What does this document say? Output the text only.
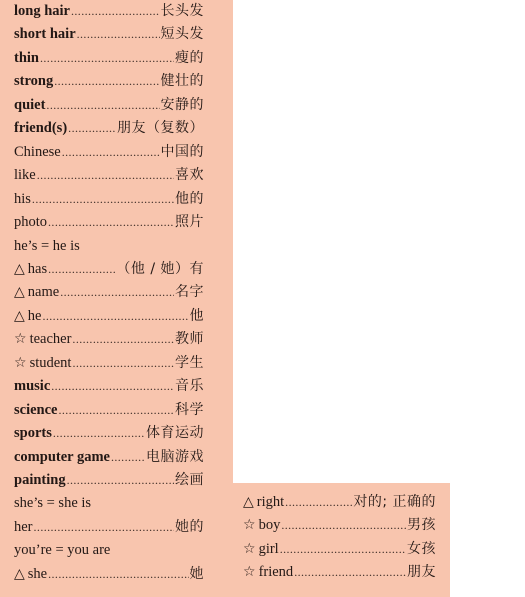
long hair .....	长头发
short hair .....	短头发
thin .....	瘦的
strong .....	健壮的
quiet .....	安静的
friend(s) .....	朋友（复数）
Chinese .....	中国的
like .....	喜欢
his .....	他的
photo .....	照片
he’s = he is
△ has .....	（他 / 她）有
△ name .....	名字
△ he .....	他
☆ teacher .....	教师
☆ student .....	学生
music .....	音乐
science .....	科学
sports .....	体育运动
computer game .....	电脑游戏
painting .....	绘画
she’s = she is
her .....	她的
you’re = you are
△ she .....	她
△ right .....	对的; 正确的
☆ boy .....	男孩
☆ girl .....	女孩
☆ friend .....	朋友
